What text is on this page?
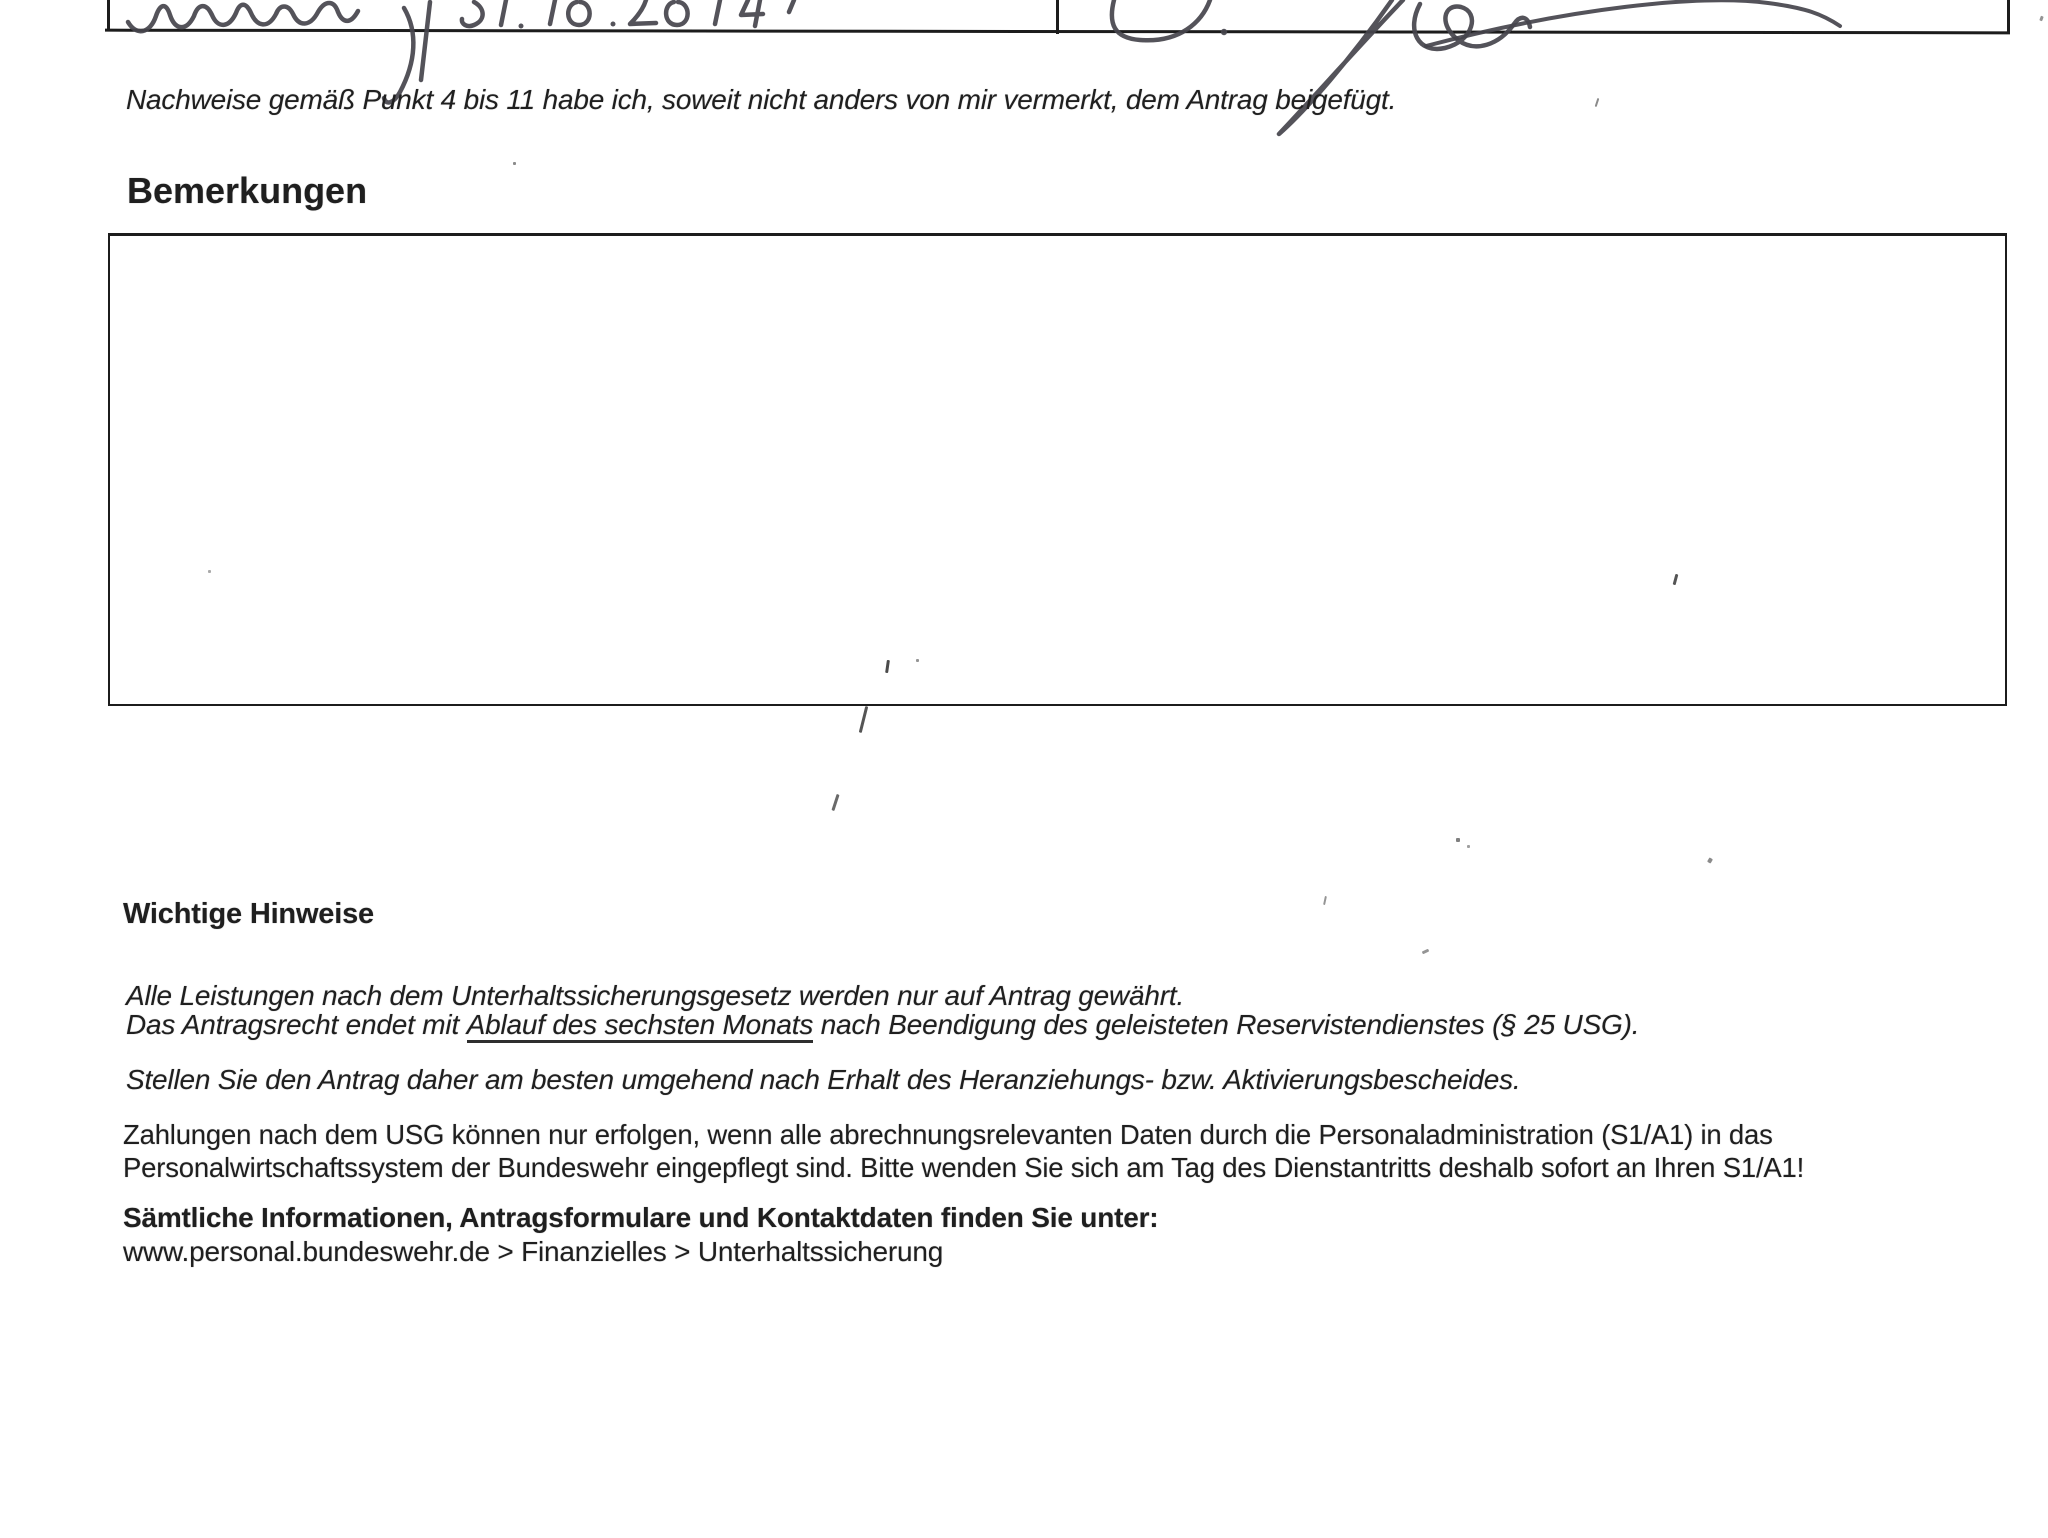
Nachweise gemäß Punkt 4 bis 11 habe ich, soweit nicht anders von mir vermerkt, dem Antrag beigefügt.
Bemerkungen
Wichtige Hinweise
Alle Leistungen nach dem Unterhaltssicherungsgesetz werden nur auf Antrag gewährt.
Das Antragsrecht endet mit Ablauf des sechsten Monats nach Beendigung des geleisteten Reservistendienstes (§ 25 USG).
Stellen Sie den Antrag daher am besten umgehend nach Erhalt des Heranziehungs- bzw. Aktivierungsbescheides.
Zahlungen nach dem USG können nur erfolgen, wenn alle abrechnungsrelevanten Daten durch die Personaladministration (S1/A1) in das
Personalwirtschaftssystem der Bundeswehr eingepflegt sind. Bitte wenden Sie sich am Tag des Dienstantritts deshalb sofort an Ihren S1/A1!
Sämtliche Informationen, Antragsformulare und Kontaktdaten finden Sie unter:
www.personal.bundeswehr.de > Finanzielles > Unterhaltssicherung
